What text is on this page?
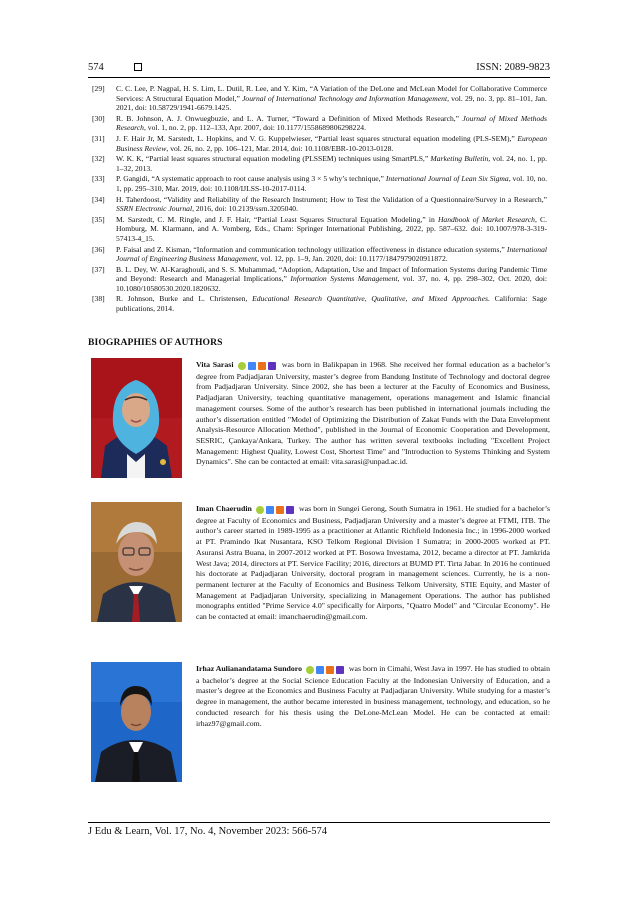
574	ISSN: 2089-9823
[29]	C. C. Lee, P. Nagpal, H. S. Lim, L. Dutil, R. Lee, and Y. Kim, “A Variation of the DeLone and McLean Model for Collaborative Commerce Services: A Structural Equation Model,” Journal of International Technology and Information Management, vol. 29, no. 3, pp. 81–101, Jan. 2021, doi: 10.58729/1941-6679.1425.
[30]	R. B. Johnson, A. J. Onwuegbuzie, and L. A. Turner, “Toward a Definition of Mixed Methods Research,” Journal of Mixed Methods Research, vol. 1, no. 2, pp. 112–133, Apr. 2007, doi: 10.1177/1558689806298224.
[31]	J. F. Hair Jr, M. Sarstedt, L. Hopkins, and V. G. Kuppelwieser, “Partial least squares structural equation modeling (PLS-SEM),” European Business Review, vol. 26, no. 2, pp. 106–121, Mar. 2014, doi: 10.1108/EBR-10-2013-0128.
[32]	W. K. K, “Partial least squares structural equation modeling (PLSSEM) techniques using SmartPLS,” Marketing Bulletin, vol. 24, no. 1, pp. 1–32, 2013.
[33]	P. Gangidi, “A systematic approach to root cause analysis using 3 × 5 why’s technique,” International Journal of Lean Six Sigma, vol. 10, no. 1, pp. 295–310, Mar. 2019, doi: 10.1108/IJLSS-10-2017-0114.
[34]	H. Taherdoost, “Validity and Reliability of the Research Instrument; How to Test the Validation of a Questionnaire/Survey in a Research,” SSRN Electronic Journal, 2016, doi: 10.2139/ssrn.3205040.
[35]	M. Sarstedt, C. M. Ringle, and J. F. Hair, “Partial Least Squares Structural Equation Modeling,” in Handbook of Market Research, C. Homburg, M. Klarmann, and A. Vomberg, Eds., Cham: Springer International Publishing, 2022, pp. 587–632. doi: 10.1007/978-3-319-57413-4_15.
[36]	P. Faisal and Z. Kisman, “Information and communication technology utilization effectiveness in distance education systems,” International Journal of Engineering Business Management, vol. 12, pp. 1–9, Jan. 2020, doi: 10.1177/1847979020911872.
[37]	B. L. Dey, W. Al-Karaghouli, and S. S. Muhammad, “Adoption, Adaptation, Use and Impact of Information Systems during Pandemic Time and Beyond: Research and Managerial Implications,” Information Systems Management, vol. 37, no. 4, pp. 298–302, Oct. 2020, doi: 10.1080/10580530.2020.1820632.
[38]	R. Johnson, Burke and L. Christensen, Educational Research Quantitative, Qualitative, and Mixed Approaches. California: Sage publications, 2014.
BIOGRAPHIES OF AUTHORS
Vita Sarasi	was born in Balikpapan in 1968. She received her formal education as a bachelor’s degree from Padjadjaran University, master’s degree from Bandung Institute of Technology and doctoral degree from Padjadjaran University. Since 2002, she has been a lecturer at the Faculty of Economics and Business, Padjadjaran University, teaching quantitative management, operations management and Islamic financial management courses. Some of the author’s research has been published in international journals including the author’s dissertation entitled "Model of Optimizing the Distribution of Zakat Funds with the Data Envelopment Analysis-Resource Allocation Method", published in the Journal of Economic Cooperation and Development, SESRIC, Çankaya/Ankara, Turkey. The author has written several textbooks including "Excellent Project Management: Highest Quality, Lowest Cost, Shortest Time" and "Introduction to Systems Thinking and System Dynamics". She can be contacted at email: vita.sarasi@unpad.ac.id.
Iman Chaerudin	was born in Sungei Gerong, South Sumatra in 1961. He studied for a bachelor’s degree at Faculty of Economics and Business, Padjadjaran University and a master’s degree at FTMI, ITB. The author’s career started in 1989-1995 as a practitioner at Atlantic Richfield Indonesia Inc.; in 1996-2000 worked at PT. Pramindo Ikat Nusantara, KSO Telkom Regional Division I Sumatra; in 2000-2005 worked at PT. Asuransi Astra Buana, in 2007-2012 worked at PT. Bosowa Investama, 2012, became a director at PT. Jamkrida West Java; 2014, directors at PT. Service Facility; 2016, directors at BUMD PT. Tirta Jabar. In 2016 he continued his doctorate at Padjadjaran University, doctoral program in management sciences. Currently, he is a non-permanent lecturer at the Faculty of Economics and Business Telkom University, STIE Equity, and Master of Management at Padjadjaran University, specializing in Management Operations. The author has published monographs entitled "Prime Service 4.0" specifically for Airports, "Quatro Model" and "Circular Economy". He can be contacted at email: imanchaerudin@gmail.com.
Irhaz Aulianandatama Sundoro	was born in Cimahi, West Java in 1997. He has studied to obtain a bachelor’s degree at the Social Science Education Faculty at the Indonesian University of Education, and a master’s degree at the Economics and Business Faculty at Padjadjaran University. While studying for a master’s degree in management, the author became interested in business management, technology, and education, so he conducted research for his thesis using the DeLone-McLean Model. He can be contacted at email: irhaz97@gmail.com.
J Edu & Learn, Vol. 17, No. 4, November 2023: 566-574
